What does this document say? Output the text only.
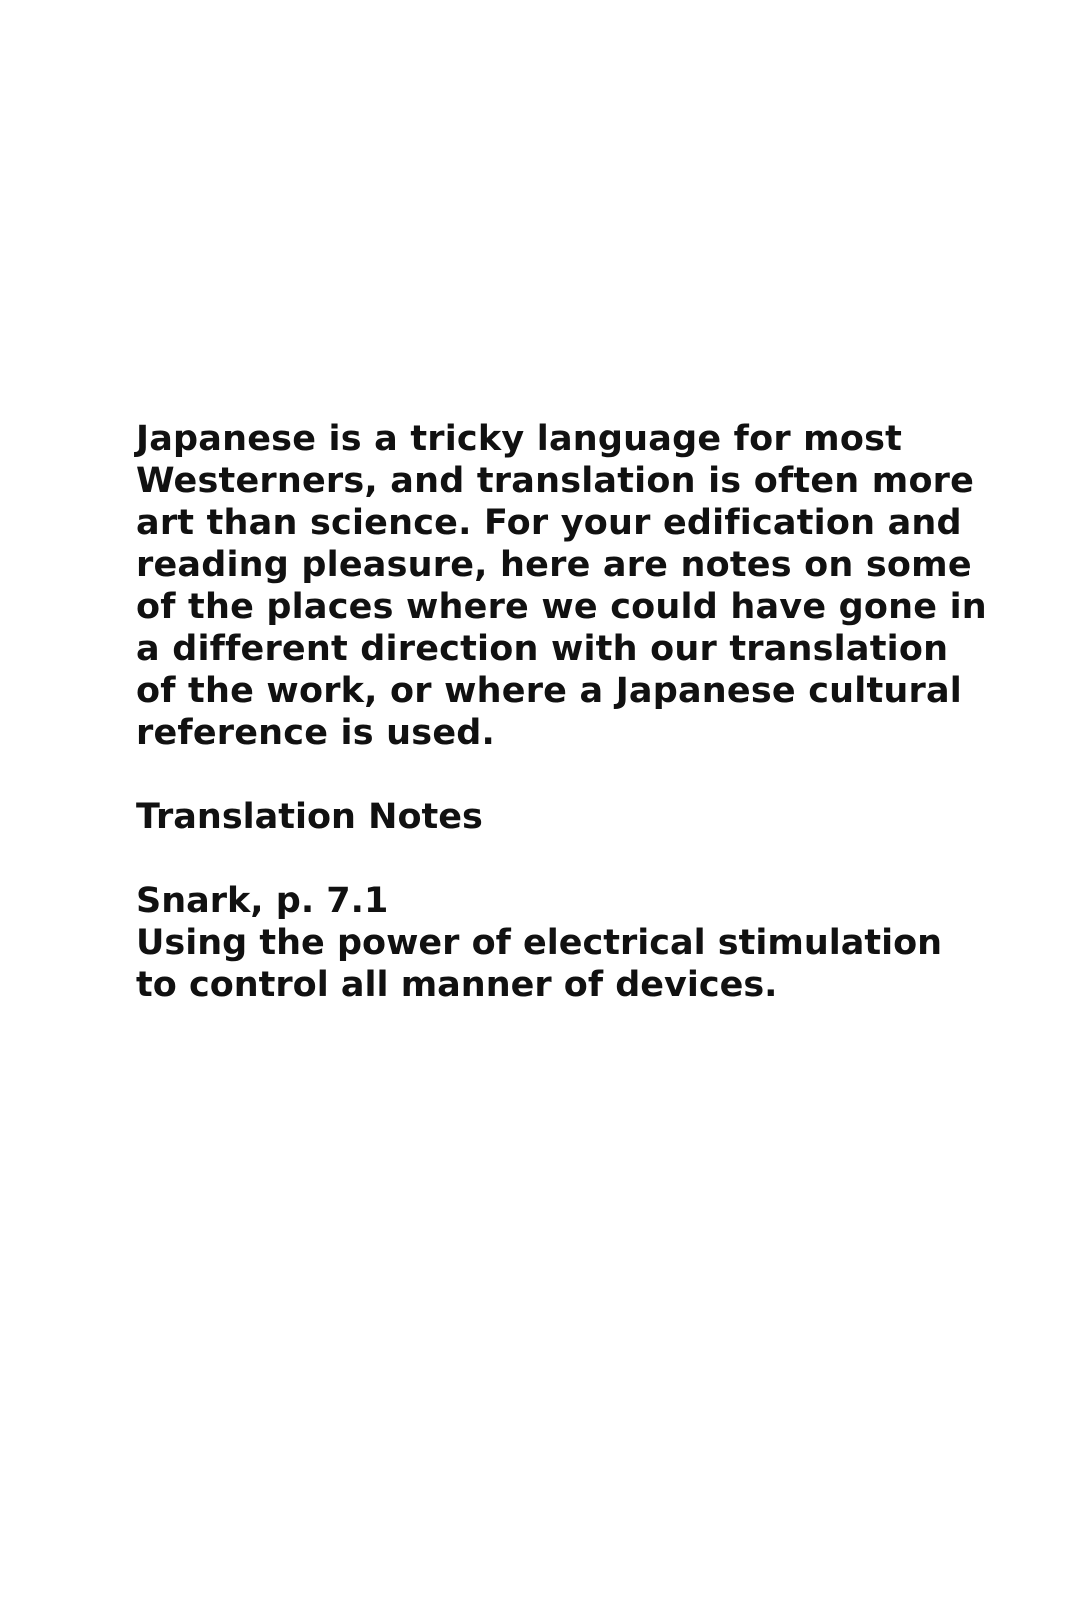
Japanese is a tricky language for most
Westerners, and translation is often more
art than science. For your edification and
reading pleasure, here are notes on some
of the places where we could have gone in
a different direction with our translation
of the work, or where a Japanese cultural
reference is used.

Translation Notes
Snark, p. 7.1

Using the power of electrical stimulation
to control all manner of devices.
